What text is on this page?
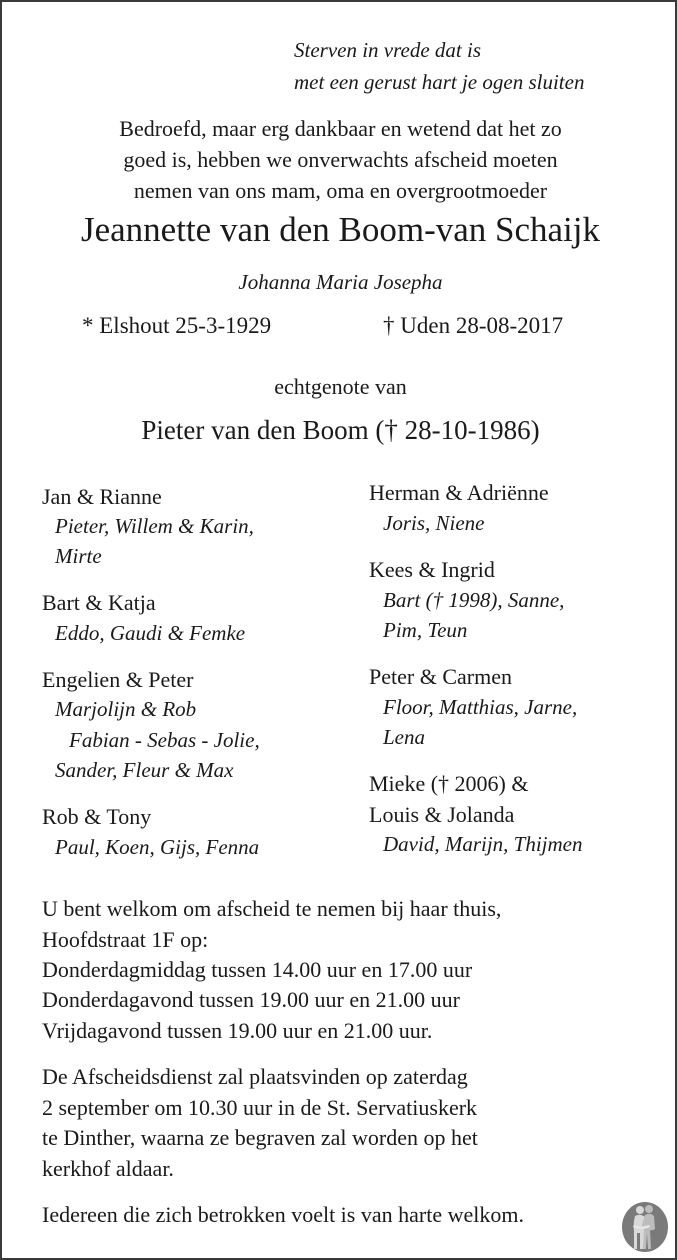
Sterven in vrede dat is
met een gerust hart je ogen sluiten
Bedroefd, maar erg dankbaar en wetend dat het zo
goed is, hebben we onverwachts afscheid moeten
nemen van ons mam, oma en overgrootmoeder
Jeannette van den Boom-van Schaijk
Johanna Maria Josepha
* Elshout 25-3-1929	† Uden 28-08-2017
echtgenote van
Pieter van den Boom († 28-10-1986)
Jan & Rianne
Pieter, Willem & Karin,
Mirte
Bart & Katja
Eddo, Gaudi & Femke
Engelien & Peter
Marjolijn & Rob
Fabian - Sebas - Jolie,
Sander, Fleur & Max
Rob & Tony
Paul, Koen, Gijs, Fenna
Herman & Adriënne
Joris, Niene
Kees & Ingrid
Bart († 1998), Sanne,
Pim, Teun
Peter & Carmen
Floor, Matthias, Jarne,
Lena
Mieke († 2006) &
Louis & Jolanda
David, Marijn, Thijmen
U bent welkom om afscheid te nemen bij haar thuis,
Hoofdstraat 1F op:
Donderdagmiddag tussen 14.00 uur en 17.00 uur
Donderdagavond tussen 19.00 uur en 21.00 uur
Vrijdagavond tussen 19.00 uur en 21.00 uur.
De Afscheidsdienst zal plaatsvinden op zaterdag
2 september om 10.30 uur in de St. Servatiuskerk
te Dinther, waarna ze begraven zal worden op het
kerkhof aldaar.
Iedereen die zich betrokken voelt is van harte welkom.
